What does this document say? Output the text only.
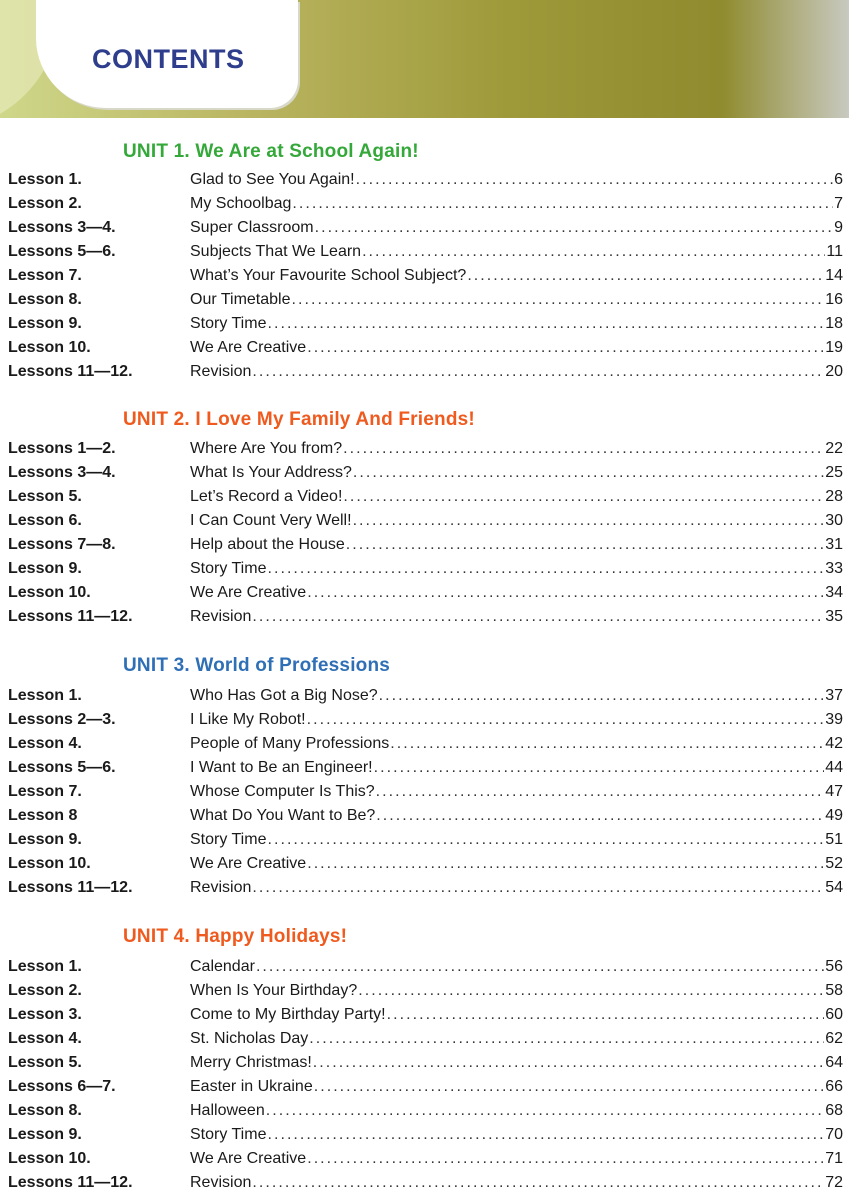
CONTENTS
UNIT 1. We Are at School Again!
Lesson 1.	Glad to See You Again! . . .	6
Lesson 2.	My Schoolbag . . .	7
Lessons 3—4.	Super Classroom . . .	9
Lessons 5—6.	Subjects That We Learn . . .	11
Lesson 7.	What’s Your Favourite School Subject? . . .	14
Lesson 8.	Our Timetable . . .	16
Lesson 9.	Story Time . . .	18
Lesson 10.	We Are Creative . . .	19
Lessons 11—12.	Revision . . .	20
UNIT 2. I Love My Family And Friends!
Lessons 1—2.	Where Are You from? . . .	22
Lessons 3—4.	What Is Your Address? . . .	25
Lesson 5.	Let’s Record a Video! . . .	28
Lesson 6.	I Can Count Very Well! . . .	30
Lessons 7—8.	Help about the House . . .	31
Lesson 9.	Story Time . . .	33
Lesson 10.	We Are Creative . . .	34
Lessons 11—12.	Revision . . .	35
UNIT 3. World of Professions
Lesson 1.	Who Has Got a Big Nose? . . .	37
Lessons 2—3.	I Like My Robot! . . .	39
Lesson 4.	People of Many Professions . . .	42
Lessons 5—6.	I Want to Be an Engineer! . . .	44
Lesson 7.	Whose Computer Is This? . . .	47
Lesson 8	What Do You Want to Be? . . .	49
Lesson 9.	Story Time . . .	51
Lesson 10.	We Are Creative . . .	52
Lessons 11—12.	Revision . . .	54
UNIT 4. Happy Holidays!
Lesson 1.	Calendar . . .	56
Lesson 2.	When Is Your Birthday? . . .	58
Lesson 3.	Come to My Birthday Party! . . .	60
Lesson 4.	St. Nicholas Day . . .	62
Lesson 5.	Merry Christmas! . . .	64
Lessons 6—7.	Easter in Ukraine . . .	66
Lesson 8.	Halloween . . .	68
Lesson 9.	Story Time . . .	70
Lesson 10.	We Are Creative . . .	71
Lessons 11—12.	Revision . . .	72
